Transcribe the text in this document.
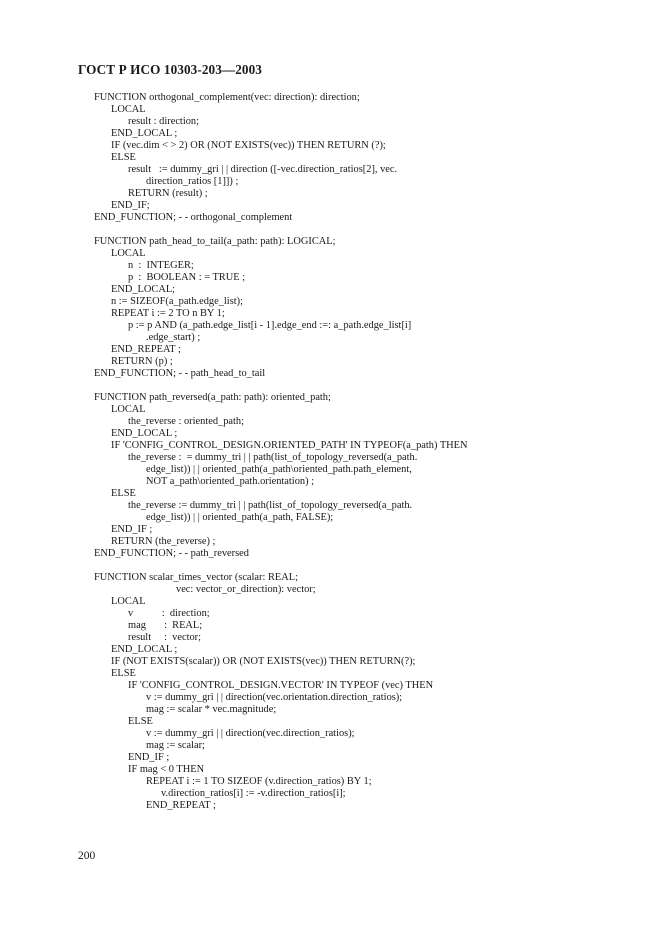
ГОСТ Р ИСО 10303-203—2003
FUNCTION orthogonal_complement(vec: direction): direction;
LOCAL
result : direction;
END_LOCAL ;
IF (vec.dim < > 2) OR (NOT EXISTS(vec)) THEN RETURN (?);
ELSE
result   := dummy_gri | | direction ([-vec.direction_ratios[2], vec.
direction_ratios [1]]) ;
RETURN (result) ;
END_IF;
END_FUNCTION; - - orthogonal_complement
FUNCTION path_head_to_tail(a_path: path): LOGICAL;
LOCAL
n  :  INTEGER;
p  :  BOOLEAN : = TRUE ;
END_LOCAL;
n := SIZEOF(a_path.edge_list);
REPEAT i := 2 TO n BY 1;
p := p AND (a_path.edge_list[i - 1].edge_end :=: a_path.edge_list[i]
.edge_start) ;
END_REPEAT ;
RETURN (p) ;
END_FUNCTION; - - path_head_to_tail
FUNCTION path_reversed(a_path: path): oriented_path;
LOCAL
the_reverse : oriented_path;
END_LOCAL ;
IF 'CONFIG_CONTROL_DESIGN.ORIENTED_PATH' IN TYPEOF(a_path) THEN
the_reverse :  = dummy_tri | | path(list_of_topology_reversed(a_path.
edge_list)) | | oriented_path(a_path\oriented_path.path_element,
NOT a_path\oriented_path.orientation) ;
ELSE
the_reverse := dummy_tri | | path(list_of_topology_reversed(a_path.
edge_list)) | | oriented_path(a_path, FALSE);
END_IF ;
RETURN (the_reverse) ;
END_FUNCTION; - - path_reversed
FUNCTION scalar_times_vector (scalar: REAL;
vec: vector_or_direction): vector;
LOCAL
v           :  direction;
mag       :  REAL;
result     :  vector;
END_LOCAL ;
IF (NOT EXISTS(scalar)) OR (NOT EXISTS(vec)) THEN RETURN(?);
ELSE
IF 'CONFIG_CONTROL_DESIGN.VECTOR' IN TYPEOF (vec) THEN
v := dummy_gri | | direction(vec.orientation.direction_ratios);
mag := scalar * vec.magnitude;
ELSE
v := dummy_gri | | direction(vec.direction_ratios);
mag := scalar;
END_IF ;
IF mag < 0 THEN
REPEAT i := 1 TO SIZEOF (v.direction_ratios) BY 1;
v.direction_ratios[i] := -v.direction_ratios[i];
END_REPEAT ;
200
